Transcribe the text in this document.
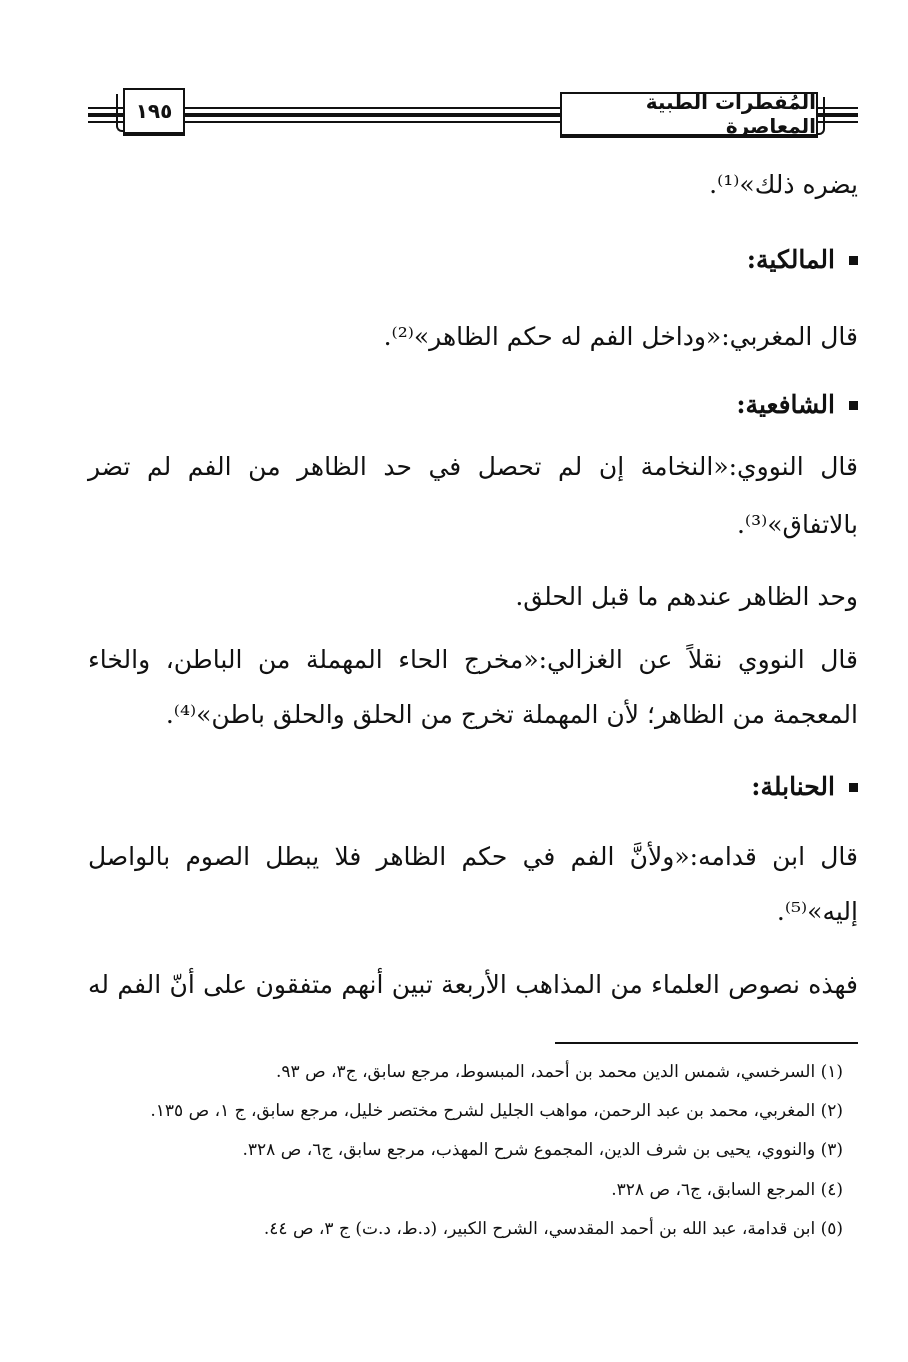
١٩٥	المُفطرات الطبية المعاصرة
يضره ذلك»⁽¹⁾.
المالكية:
قال المغربي:«وداخل الفم له حكم الظاهر»⁽²⁾.
الشافعية:
قال النووي:«النخامة إن لم تحصل في حد الظاهر من الفم لم تضر
بالاتفاق»⁽³⁾.
وحد الظاهر عندهم ما قبل الحلق.
قال النووي نقلاً عن الغزالي:«مخرج الحاء المهملة من الباطن، والخاء
المعجمة من الظاهر؛ لأن المهملة تخرج من الحلق والحلق باطن»⁽⁴⁾.
الحنابلة:
قال ابن قدامه:«ولأنَّ الفم في حكم الظاهر فلا يبطل الصوم بالواصل
إليه»⁽⁵⁾.
فهذه نصوص العلماء من المذاهب الأربعة تبين أنهم متفقون على أنّ الفم له
(١) السرخسي، شمس الدين محمد بن أحمد، المبسوط، مرجع سابق، ج٣، ص ٩٣.
(٢) المغربي، محمد بن عبد الرحمن، مواهب الجليل لشرح مختصر خليل، مرجع سابق، ج ١، ص ١٣٥.
(٣) والنووي، يحيى بن شرف الدين، المجموع شرح المهذب، مرجع سابق، ج٦، ص ٣٢٨.
(٤) المرجع السابق، ج٦، ص ٣٢٨.
(٥) ابن قدامة، عبد الله بن أحمد المقدسي، الشرح الكبير، (د.ط، د.ت) ج ٣، ص ٤٤.
